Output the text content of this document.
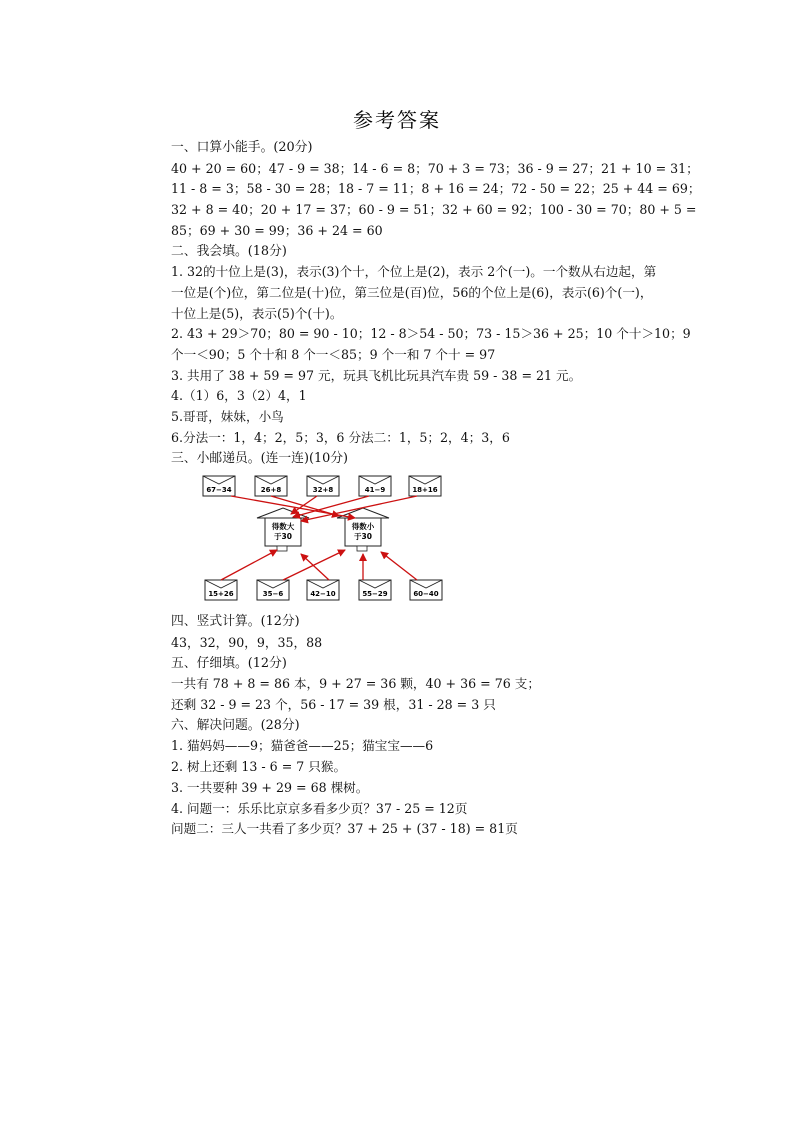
参考答案
一、口算小能手。(20分)
40 + 20 = 60；47 - 9 = 38；14 - 6 = 8；70 + 3 = 73；36 - 9 = 27；21 + 10 = 31；
11 - 8 = 3；58 - 30 = 28；18 - 7 = 11；8 + 16 = 24；72 - 50 = 22；25 + 44 = 69；
32 + 8 = 40；20 + 17 = 37；60 - 9 = 51；32 + 60 = 92；100 - 30 = 70；80 + 5 =
85；69 + 30 = 99；36 + 24 = 60
二、我会填。(18分)
1. 32的十位上是(3)，表示(3)个十，个位上是(2)，表示 2个(一)。一个数从右边起，第
一位是(个)位，第二位是(十)位，第三位是(百)位，56的个位上是(6)，表示(6)个(一)，
十位上是(5)，表示(5)个(十)。
2. 43 + 29＞70；80 = 90 - 10；12 - 8＞54 - 50；73 - 15＞36 + 25；10 个十＞10；9
个一＜90；5 个十和 8 个一＜85；9 个一和 7 个十 = 97
3. 共用了 38 + 59 = 97 元，玩具飞机比玩具汽车贵 59 - 38 = 21 元。
4.（1）6，3（2）4，1
5.哥哥，妹妹，小鸟
6.分法一：1，4；2，5；3，6 分法二：1，5；2，4；3，6
三、小邮递员。(连一连)(10分)
67−34	26+8	32+8	41−9	18+16
得数大
于30
得数小
于30
15+26	35−6	42−10	55−29	60−40
四、竖式计算。(12分)
43，32，90，9，35，88
五、仔细填。(12分)
一共有 78 + 8 = 86 本，9 + 27 = 36 颗，40 + 36 = 76 支；
还剩 32 - 9 = 23 个，56 - 17 = 39 根，31 - 28 = 3 只
六、解决问题。(28分)
1. 猫妈妈——9；猫爸爸——25；猫宝宝——6
2. 树上还剩 13 - 6 = 7 只猴。
3. 一共要种 39 + 29 = 68 棵树。
4. 问题一：乐乐比京京多看多少页？37 - 25 = 12页
问题二：三人一共看了多少页？37 + 25 + (37 - 18) = 81页
